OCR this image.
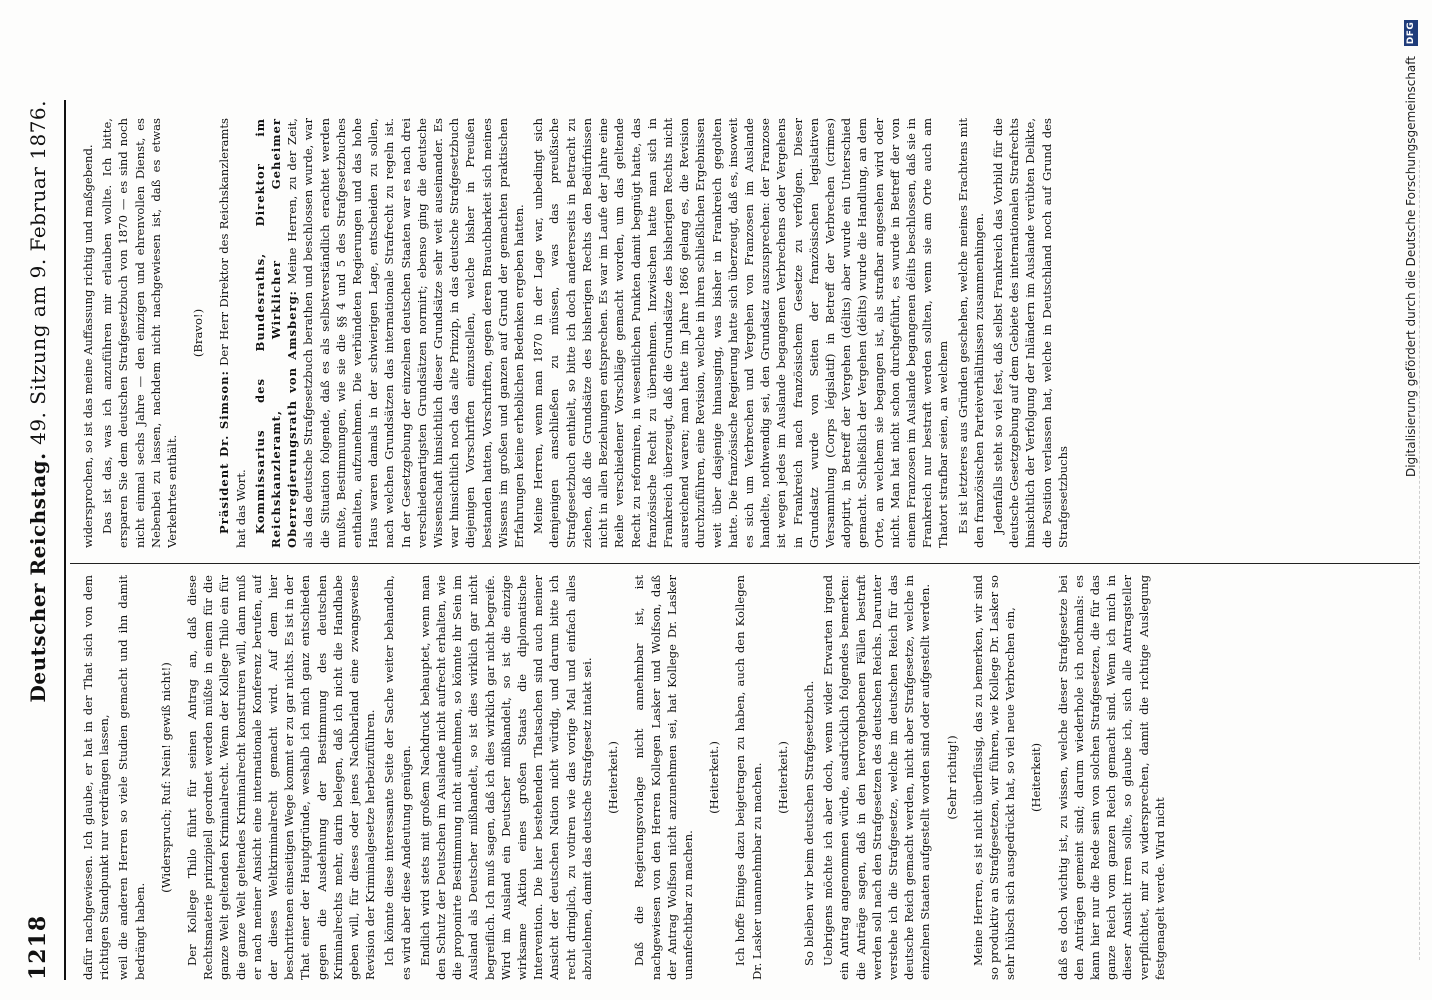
1218
Deutscher Reichstag. 49. Sitzung am 9. Februar 1876.

dafür nachgewiesen. Ich glaube, er hat in der That sich von dem richtigen Standpunkt nur verdrängen lassen, weil die anderen Herren so viele Studien gemacht und ihn damit bedrängt haben.

(Widerspruch; Ruf: Nein! gewiß nicht!) Der Kollege Thilo führt für seinen Antrag an, daß diese Rechtsmaterie prinzipiell geordnet werden müßte in einem für die ganze Welt geltenden Kriminalrecht. Wenn der Kollege Thilo ein für die ganze Welt geltendes Kriminalrecht konstruiren will, dann muß er nach meiner Ansicht eine internationale Konferenz berufen, auf der dieses Weltkriminalrecht gemacht wird. Auf dem hier beschrittenen einseitigen Wege kommt er zu gar nichts. Es ist in der That einer der Hauptgründe, weshalb ich mich ganz entschieden gegen die Ausdehnung der Bestimmung des deutschen Kriminalrechts mehr, darin belegen, daß ich nicht die Handhabe geben will, für dieses oder jenes Nachbarland eine zwangsweise Revision der Kriminalgesetze herbeizuführen. Ich könnte diese interessante Seite der Sache weiter behandeln, es wird aber diese Andeutung genügen. Endlich wird stets mit großem Nachdruck behauptet, wenn man den Schutz der Deutschen im Auslande nicht aufrecht erhalten, wie die proponirte Bestimmung nicht aufnehmen, so könnte ihr Sein im Ausland als Deutscher mißhandelt, so ist dies wirklich gar nicht begreiflich. Ich muß sagen, daß ich dies wirklich gar nicht begreife. Wird im Ausland ein Deutscher mißhandelt, so ist die einzige wirksame Aktion eines großen Staats die diplomatische Intervention. Die hier bestehenden Thatsachen sind auch meiner Ansicht der deutschen Nation nicht würdig, und darum bitte ich recht dringlich, zu votiren wie das vorige Mal und einfach alles abzulehnen, damit das deutsche Strafgesetz intakt sei. (Heiterkeit.) Daß die Regierungsvorlage nicht annehmbar ist, ist nachgewiesen von den Herren Kollegen Lasker und Wolfson, daß der Antrag Wolfson nicht anzunehmen sei, hat Kollege Dr. Lasker unanfechtbar zu machen.

(Heiterkeit.) Ich hoffe Einiges dazu beigetragen zu haben, auch den Kollegen Dr. Lasker unannehmbar zu machen. (Heiterkeit.) So bleiben wir beim deutschen Strafgesetzbuch. Uebrigens möchte ich aber doch, wenn wider Erwarten irgend ein Antrag angenommen würde, ausdrücklich folgendes bemerken: die Anträge sagen, daß in den hervorgehobenen Fällen bestraft werden soll nach den Strafgesetzen des deutschen Reichs. Darunter verstehe ich die Strafgesetze, welche im deutschen Reich für das deutsche Reich gemacht werden, nicht aber Strafgesetze, welche in einzelnen Staaten aufgestellt worden sind oder aufgestellt werden. (Sehr richtig!) Meine Herren, es ist nicht überflüssig, das zu bemerken, wir sind so produktiv an Strafgesetzen, wir führen, wie Kollege Dr. Lasker so sehr hübsch sich ausgedrückt hat, so viel neue Verbrechen ein, (Heiterkeit) daß es doch wichtig ist, zu wissen, welche dieser Strafgesetze bei den Anträgen gemeint sind; darum wiederhole ich nochmals: es kann hier nur die Rede sein von solchen Strafgesetzen, die für das ganze Reich vom ganzen Reich gemacht sind. Wenn ich mich in dieser Ansicht irren sollte, so glaube ich, sich alle Antragsteller verpflichtet, mir zu widersprechen, damit die richtige Auslegung festgenagelt werde. Wird nicht

widersprochen, so ist das meine Auffassung richtig und maßgebend. Das ist das, was ich anzuführen mir erlauben wollte. Ich bitte, ersparen Sie dem deutschen Strafgesetzbuch von 1870 — es sind noch nicht einmal sechs Jahre — den einzigen und ehrenvollen Dienst, es Nebenbei zu lassen, nachdem nicht nachgewiesen ist, daß es etwas Verkehrtes enthält.

(Bravo!)

Präsident Dr. Simson: Der Herr Direktor des Reichskanzleramts hat das Wort. Kommissarius des Bundesraths, Direktor im Reichskanzleramt, Wirklicher Geheimer Oberregierungsrath von Amsberg: Meine Herren, zu der Zeit, als das deutsche Strafgesetzbuch berathen und beschlossen wurde, war die Situation folgende, daß es als selbstverständlich erachtet werden mußte, Bestimmungen, wie sie die §§ 4 und 5 des Strafgesetzbuches enthalten, aufzunehmen. Die verbündeten Regierungen und das hohe Haus waren damals in der schwierigen Lage, entscheiden zu sollen, nach welchen Grundsätzen das internationale Strafrecht zu regeln ist. In der Gesetzgebung der einzelnen deutschen Staaten war es nach drei verschiedenartigsten Grundsätzen normirt; ebenso ging die deutsche Wissenschaft hinsichtlich dieser Grundsätze sehr weit auseinander. Es war hinsichtlich noch das alte Prinzip, in das deutsche Strafgesetzbuch diejenigen Vorschriften einzustellen, welche bisher in Preußen bestanden hatten, Vorschriften, gegen deren Brauchbarkeit sich meines Wissens im großen und ganzen auf Grund der gemachten praktischen Erfahrungen keine erheblichen Bedenken ergeben hatten. Meine Herren, wenn man 1870 in der Lage war, unbedingt sich demjenigen anschließen zu müssen, was das preußische Strafgesetzbuch enthielt, so bitte ich doch andererseits in Betracht zu ziehen, daß die Grundsätze des bisherigen Rechts den Bedürfnissen nicht in allen Beziehungen entsprechen. Es war im Laufe der Jahre eine Reihe verschiedener Vorschläge gemacht worden, um das geltende Recht zu reformiren, in wesentlichen Punkten damit begnügt hatte, das französische Recht zu übernehmen. Inzwischen hatte man sich in Frankreich überzeugt, daß die Grundsätze des bisherigen Rechts nicht ausreichend waren; man hatte im Jahre 1866 gelang es, die Revision durchzuführen, eine Revision, welche in ihren schließlichen Ergebnissen weit über dasjenige hinausging, was bisher in Frankreich gegolten hatte. Die französische Regierung hatte sich überzeugt, daß es, insoweit es sich um Verbrechen und Vergehen von Franzosen im Auslande handelte, nothwendig sei, den Grundsatz auszusprechen: der Franzose ist wegen jedes im Auslande begangenen Verbrechens oder Vergehens in Frankreich nach französischem Gesetze zu verfolgen. Dieser Grundsatz wurde von Seiten der französischen legislativen Versammlung (Corps législatif) in Betreff der Verbrechen (crimes) adoptirt, in Betreff der Vergehen (délits) aber wurde ein Unterschied gemacht. Schließlich der Vergehen (délits) wurde die Handlung, an dem Orte, an welchem sie begangen ist, als strafbar angesehen wird oder nicht. Man hat nicht schon durchgeführt, es wurde in Betreff der von einem Franzosen im Auslande begangenen délits beschlossen, daß sie in Frankreich nur bestraft werden sollten, wenn sie am Orte auch am Thatort strafbar seien, an welchem Es ist letzteres aus Gründen geschehen, welche meines Erachtens mit den französischen Parteiverhältnissen zusammenhingen. Jedenfalls steht so viel fest, daß selbst Frankreich das Vorbild für die deutsche Gesetzgebung auf dem Gebiete des internationalen Strafrechts hinsichtlich der Verfolgung der Inländern im Auslande verübten Delikte, die Position verlassen hat, welche in Deutschland noch auf Grund des Strafgesetzbuchs

Digitalisierung gefördert durch die Deutsche Forschungsgemeinschaft
DFG
